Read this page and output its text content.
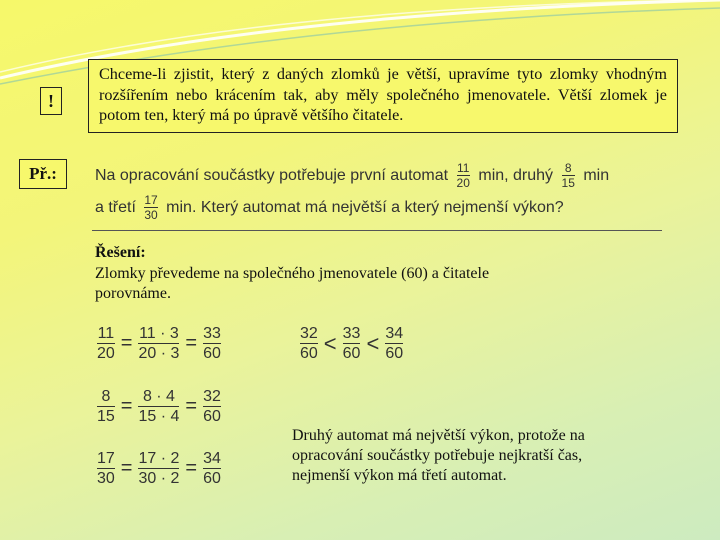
!
Př.:
Chceme-li zjistit, který z daných zlomků je větší, upravíme tyto zlomky vhodným rozšířením nebo krácením tak, aby měly společného jmenovatele. Větší zlomek je potom ten, který má po úpravě většího čitatele.
Na opracování součástky potřebuje první automat $\frac{11}{20} \min$, druhý $\frac{8}{15}$ min
a třetí $\frac{17}{30} \min$. Který automat má největší a který nejmenší výkon?
Řešení:
Zlomky převedeme na společného jmenovatele (60) a čitatele porovnáme.
11
20 = 11 · 3
20 · 3 = 33
60
8
15 = 8 · 4
15 · 4 = 32
60
17
30 = 17 · 2
30 · 2 = 34
60
32
60 < 33
60 < 34
60
Druhý automat má největší výkon, protože na opracování součástky potřebuje nejkratší čas, nejmenší výkon má třetí automat.
